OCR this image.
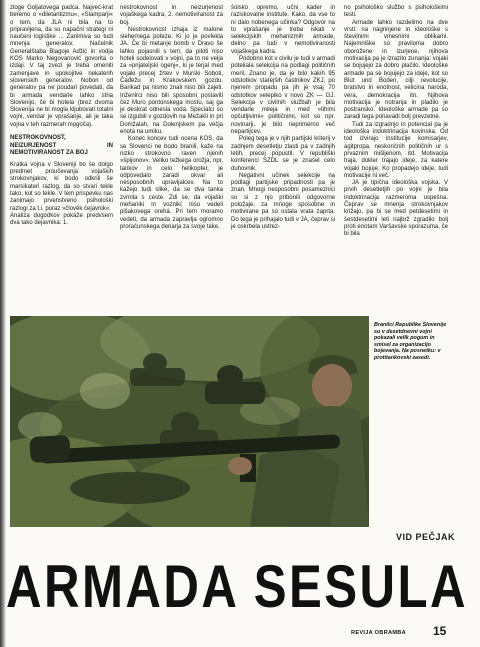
zloge Goljatovega padca. Najveć-krat beremo o »diletantizmu«, »Slamparji« o tem, da JLA ni bila na to pripravljena, da so napačni strategi ni naučeni logistike ... Zanimiva so tudi mnenja generalov. Načelnik Generalštaba Blagoje Adžić in vodja KOS Marko Negovanović govorita o izdaji. V taj zvezi je treba omeniti zamenjave in upokojitve nekaterih slovenskih generalov. Nobon od generalov pa ne poudari povedati, da bi armada vendarle lahko stria Slovenijo, če bi hotela (brez dvoma Slovenija ne bi mogla kljubovati totalni vojni, vendar je vprašanje, ali je taka vojna v teh razmerah mogoča).

NESTROKOVNOST, NEIZURJENOST IN NEMOTIVIRANOST ZA BOJ

Kratka vojna v Sloveniji bo še dolgo predmet proučevanja vojaških strokovnjakov, ki bodo odkrili še marsikateri razlog, da so stvari tekle tako, kot so tekle. V tem prispevku nas zanimajo prvenstveno psihološki razlogi za t.i. poraz »člověk čejavnik«.

Analiza dogodkov pokaže predvsem dva tako dejavnika: 1.

nestrokovnost in neizurjenost vojaškega kadra, 2. nemotiviranost za boj.

Nestrokovnost izhaja iz malone slehernega poteze. Ki jo je povlekla JA. Če bi metanje bomb v Dravo še lahko pojasnili s tem, da piloti niso hoteli sodelovati v vojni, pa to ne velja za »prijateljski ogenj«, ki je terjal med vojaki precej žrtev v Murski Soboti, Čađežu in Krakovskem gozdu. Barikad pa nismo znali niso bili zajeti. Inženirci niso bili sposobni postaviti čez Muro pontonskega mostu, saj ga je deskrat odnesla voda. Specialci so se izgubili v gozdovih na Mežakli in pri Domžalah, na Dolenjskem pa večja enota na umiku.

Konec koncev tudi ocena KOS, da se Slovenci ne bodo branili, kaže na nizko strokovno raven njenih »špijonov«. Veliko težkega orožja, npr. tankov in celo helikopter, je odpovedalo zaradi okvar ali nesposobnih upravljalcev. Na to kažejo tudi slike, da se dva tanka zvrnila s ceste. Zdi se, da vojaški mehaniki in voznikí niso vedeli pišakovega orehá. Pri tem moramo vedeti, da armada zapravlja ogromno proračunskega denarja za svoje take.

šolsko opremo, učni kader in raziskovalne institute. Kako, da vse to ni dalo nobenega učinka? Odgovor na to vprašanje je treba iskati v selekcijskih mehanizmih armade, delno pa tudi v nemotiviranosti vojaškega kadra.

Podobno kot v civilu je tudi v armadi potekala selekcija na podlagi političnih meril. Znano je, da je bilo kakih 95 odstotkov starejših častnikov ZKJ, po njenem propadu pa jih je vsaj 70 odstotkov velepiko v novo ZK — GJ. Selekcija v civilnih službah je bila vendarle mileja in med »tihimi opčutljivimi« političnimi, kot so npr. novinarji, je bilo neprimerno več nepartijcev.

Poleg tega je v njih partijski kriterij v zadnjem desetletju zlasti pa v zadnjih letih, precej popustil. V republiški konferenci SZDL se je znašel celo duhovnik.

Negativni učinek selekcije na podlagi partijske pripadnosti pa je znan. Mnogi nesposobni posameznici so si z njo pribonili odgovorne položaje, za mnoge sposobne in motivirane pa so ostala vrata zaprta. Do tega je prihajalo tudi v JA, čeprav si je oskrbela ustrez-

no psihološko službo s psihološkimi testi.

Armade lahko razdelimo na dve vrsti: na nagrinjene in ideološke s številnimi vmesnimi oblikami. Najemniške so praviloma dobro oborožene in izurjene, njihova motivacija pa je izrazito zunanja: vojaki se bojujejo za dobro plačilo. Ideološke armade pa se bojujejo za ideje, kot so Blut und Boden, cilji revolucije, bratstvo in enotnost, velicina naroda, vera, demokracija itn. Njihova motivacija je notranja in pladilo je postransko. Ideološke armade pa so zaradi tega ponavadi bolj prevzetne.

Tudi za izgradnjo in potencial pa je ideološka indoktrinacija kovinska. Od tod izvirajo institucije komisarjev, agitpropa, neskončnih političnih ur s prvaznim mišljenom, itd. Motivacija traja, dokler trajajo ideje, za katere vojaki bojuje. Ko propadejo ideje, tudi motivacije ni več.

JA je tipična ideološka vojska. V prvih desetletjih po vojni je bila indoktrinacija razmeroma uspešna. Čeprav se mnenja strokovnjakov križajo, pa bi se med petdesetimi in šestdesetimi leti najbrž zgradilo bolj proti enotam Varšavske sporazuma, če bi bila

Branilci Republike Slovenije so v desetdnevni vojni pokazali velik pogum in smisel za organizacijo bojevanja. Na posnetku: v protitankovski zasedi.
VID PEČJAK
ARMADA SESULA
REVIJA OBRAMBA 15
